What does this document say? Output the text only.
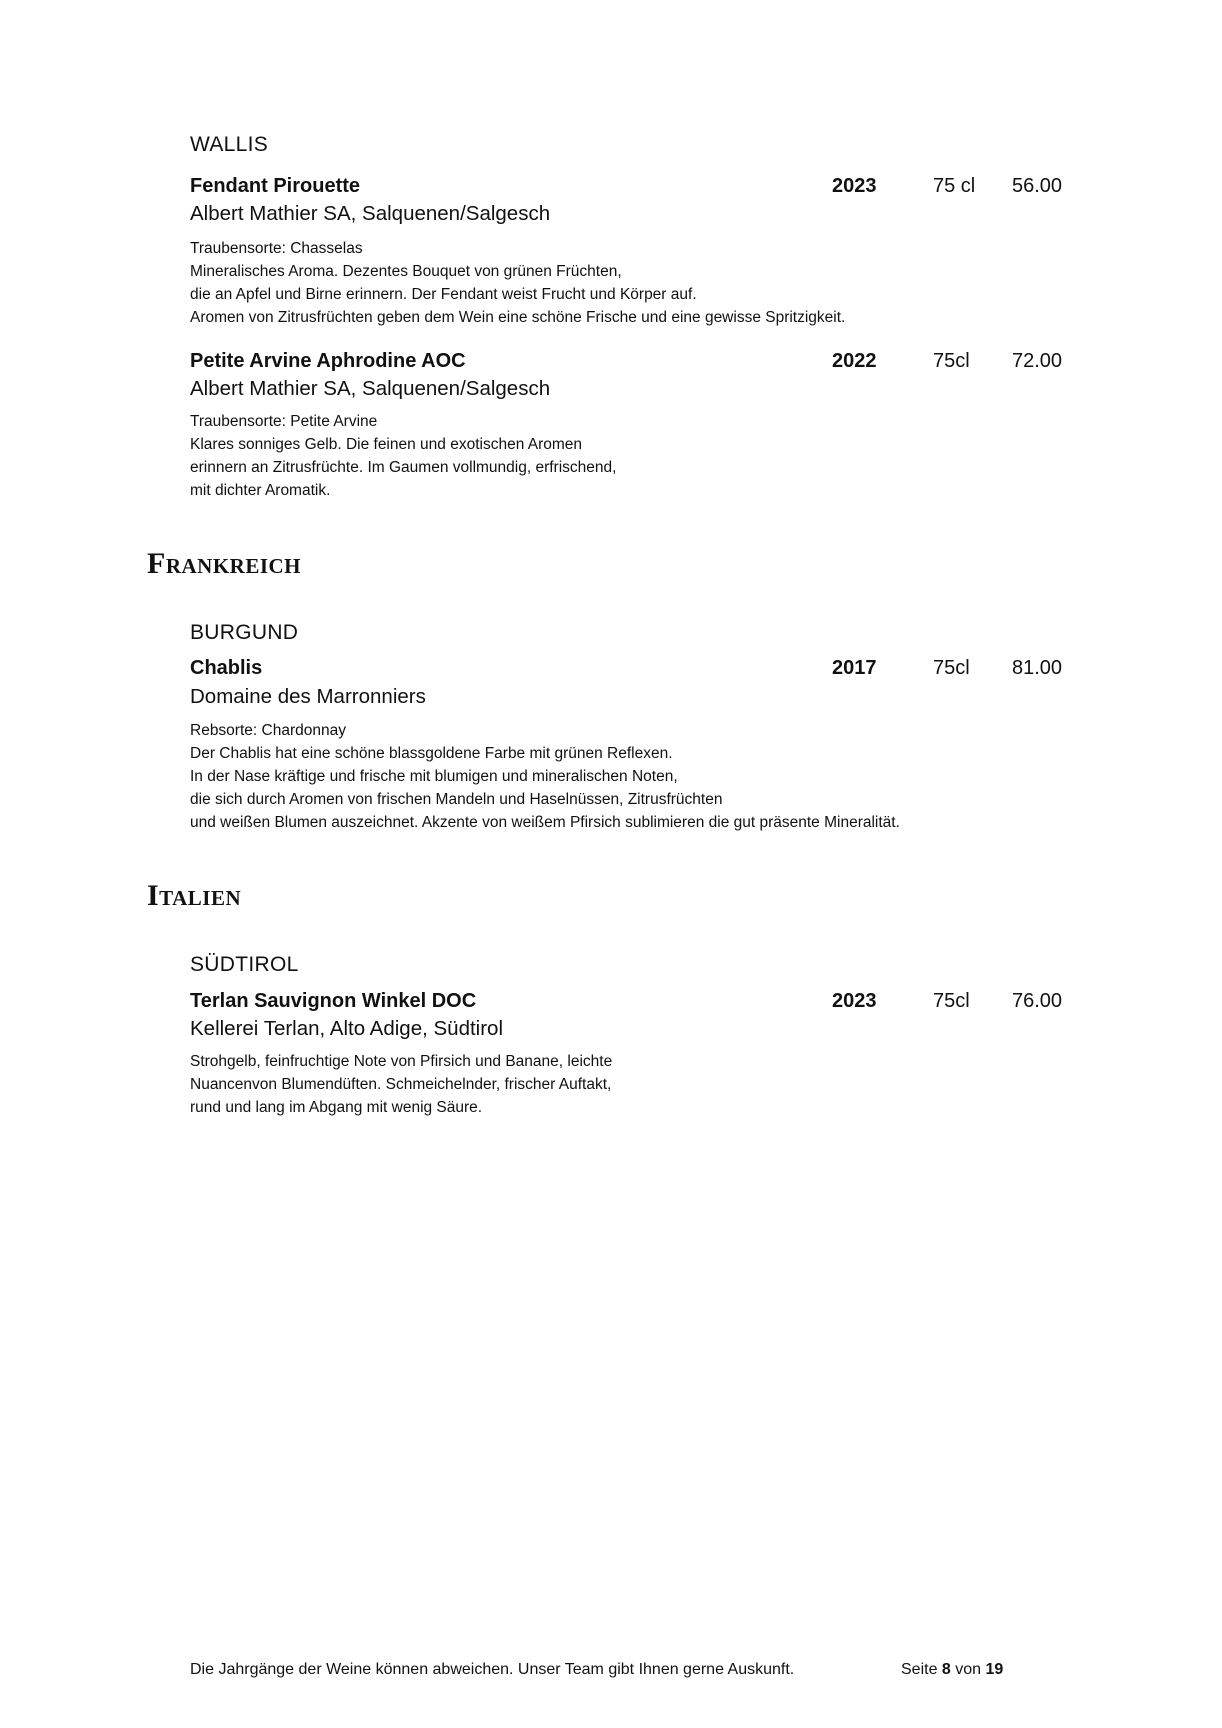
WALLIS
Fendant Pirouette	2023	75 cl 56.00
Albert Mathier SA, Salquenen/Salgesch
Traubensorte: Chasselas
Mineralisches Aroma. Dezentes Bouquet von grünen Früchten,
die an Apfel und Birne erinnern. Der Fendant weist Frucht und Körper auf.
Aromen von Zitrusfrüchten geben dem Wein eine schöne Frische und eine gewisse Spritzigkeit.
Petite Arvine Aphrodine AOC	2022	75cl 72.00
Albert Mathier SA, Salquenen/Salgesch
Traubensorte: Petite Arvine
Klares sonniges Gelb. Die feinen und exotischen Aromen
erinnern an Zitrusfrüchte. Im Gaumen vollmundig, erfrischend,
mit dichter Aromatik.
Frankreich
BURGUND
Chablis	2017	75cl 81.00
Domaine des Marronniers
Rebsorte: Chardonnay
Der Chablis hat eine schöne blassgoldene Farbe mit grünen Reflexen.
In der Nase kräftige und frische mit blumigen und mineralischen Noten,
die sich durch Aromen von frischen Mandeln und Haselnüssen, Zitrusfrüchten
und weißen Blumen auszeichnet. Akzente von weißem Pfirsich sublimieren die gut präsente Mineralität.
Italien
SÜDTIROL
Terlan Sauvignon Winkel DOC	2023	75cl 76.00
Kellerei Terlan, Alto Adige, Südtirol
Strohgelb, feinfruchtige Note von Pfirsich und Banane, leichte
Nuancenvon Blumendüften. Schmeichelnder, frischer Auftakt,
rund und lang im Abgang mit wenig Säure.
Die Jahrgänge der Weine können abweichen. Unser Team gibt Ihnen gerne Auskunft.	Seite 8 von 19
